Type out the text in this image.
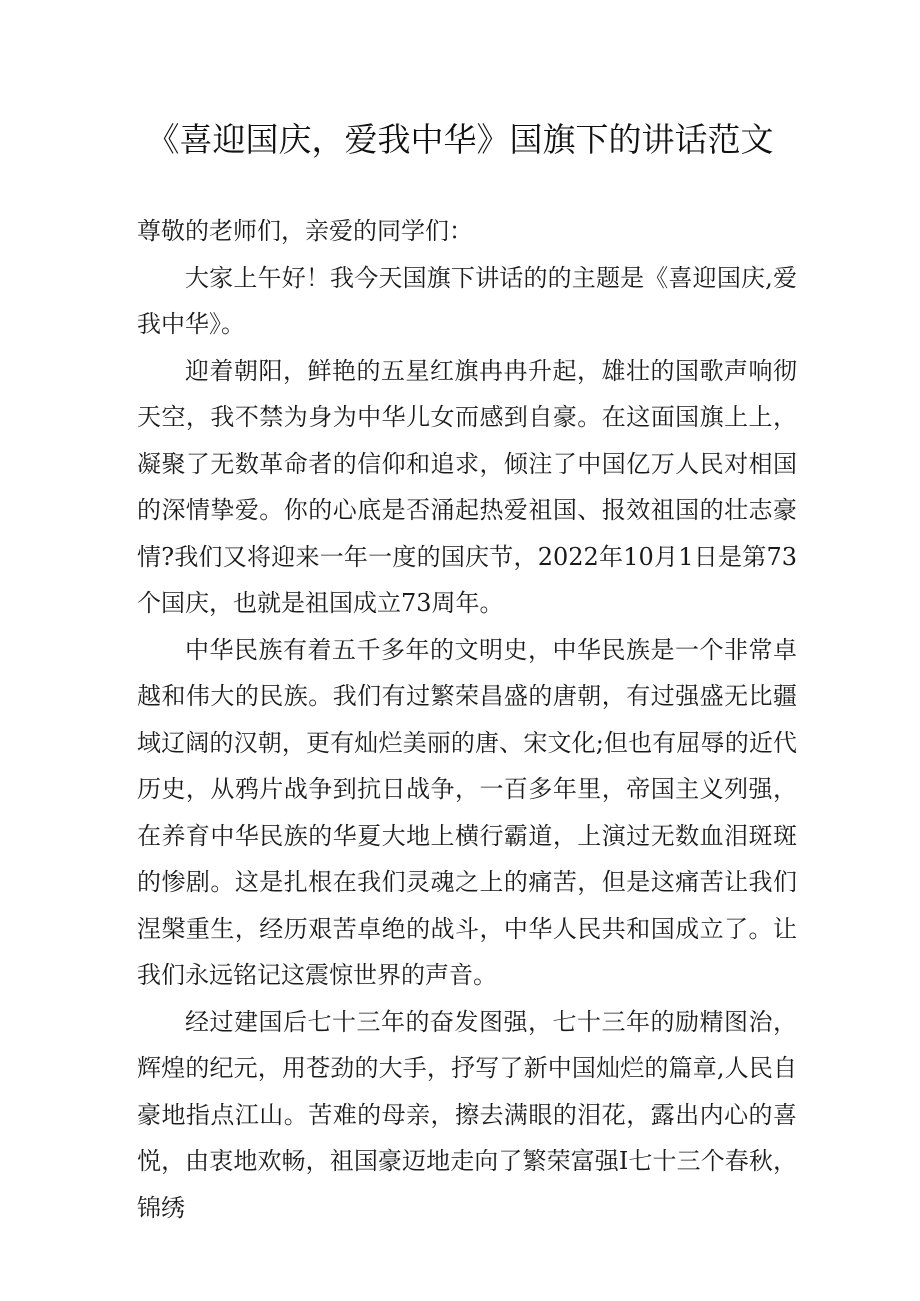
《喜迎国庆，爱我中华》国旗下的讲话范文

尊敬的老师们，亲爱的同学们：

大家上午好！我今天国旗下讲话的的主题是《喜迎国庆,爱我中华》。

迎着朝阳，鲜艳的五星红旗冉冉升起，雄壮的国歌声响彻天空，我不禁为身为中华儿女而感到自豪。在这面国旗上上，凝聚了无数革命者的信仰和追求，倾注了中国亿万人民对相国的深情挚爱。你的心底是否涌起热爱祖国、报效祖国的壮志豪情?我们又将迎来一年一度的国庆节，2022年10月1日是第73个国庆，也就是祖国成立73周年。

中华民族有着五千多年的文明史，中华民族是一个非常卓越和伟大的民族。我们有过繁荣昌盛的唐朝，有过强盛无比疆域辽阔的汉朝，更有灿烂美丽的唐、宋文化;但也有屈辱的近代历史，从鸦片战争到抗日战争，一百多年里，帝国主义列强，在养育中华民族的华夏大地上横行霸道，上演过无数血泪斑斑的惨剧。这是扎根在我们灵魂之上的痛苦，但是这痛苦让我们涅槃重生，经历艰苦卓绝的战斗，中华人民共和国成立了。让我们永远铭记这震惊世界的声音。

经过建国后七十三年的奋发图强，七十三年的励精图治，辉煌的纪元，用苍劲的大手，抒写了新中国灿烂的篇章,人民自豪地指点江山。苦难的母亲，擦去满眼的泪花，露出内心的喜悦，由衷地欢畅，祖国豪迈地走向了繁荣富强I七十三个春秋，锦绣
